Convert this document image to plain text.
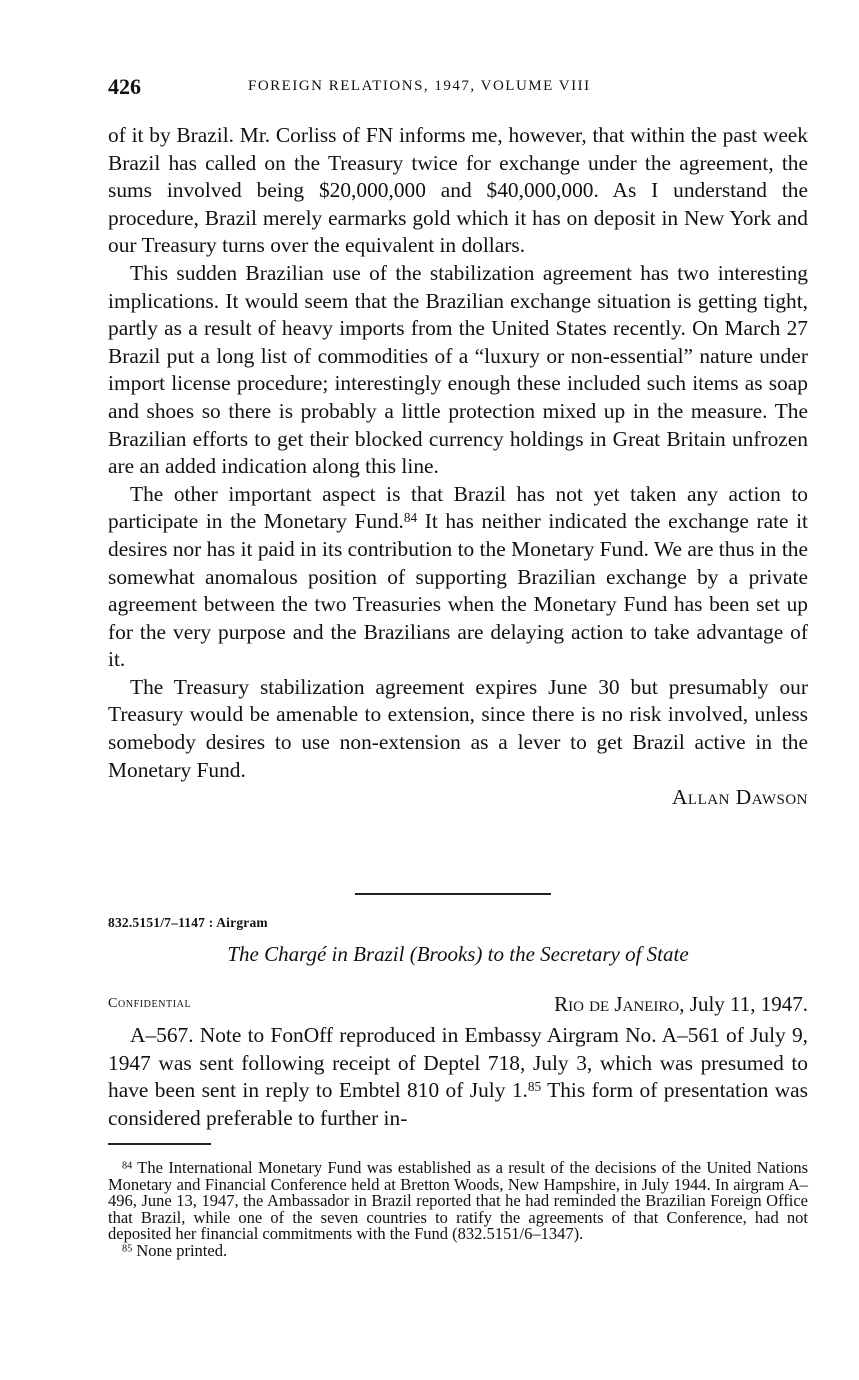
426	FOREIGN RELATIONS, 1947, VOLUME VIII

of it by Brazil. Mr. Corliss of FN informs me, however, that within the past week Brazil has called on the Treasury twice for exchange under the agreement, the sums involved being $20,000,000 and $40,000,000. As I understand the procedure, Brazil merely earmarks gold which it has on deposit in New York and our Treasury turns over the equivalent in dollars.

This sudden Brazilian use of the stabilization agreement has two interesting implications. It would seem that the Brazilian exchange situation is getting tight, partly as a result of heavy imports from the United States recently. On March 27 Brazil put a long list of commodities of a “luxury or non-essential” nature under import license procedure; interestingly enough these included such items as soap and shoes so there is probably a little protection mixed up in the measure. The Brazilian efforts to get their blocked currency holdings in Great Britain unfrozen are an added indication along this line.

The other important aspect is that Brazil has not yet taken any action to participate in the Monetary Fund.$^{84}$ It has neither indicated the exchange rate it desires nor has it paid in its contribution to the Monetary Fund. We are thus in the somewhat anomalous position of supporting Brazilian exchange by a private agreement between the two Treasuries when the Monetary Fund has been set up for the very purpose and the Brazilians are delaying action to take advantage of it.

The Treasury stabilization agreement expires June 30 but presumably our Treasury would be amenable to extension, since there is no risk involved, unless somebody desires to use non-extension as a lever to get Brazil active in the Monetary Fund.

Allan Dawson

832.5151/7–1147 : Airgram
The Chargé in Brazil (Brooks) to the Secretary of State
Confidential	Rio de Janeiro, July 11, 1947.

A–567. Note to FonOff reproduced in Embassy Airgram No. A–561 of July 9, 1947 was sent following receipt of Deptel 718, July 3, which was presumed to have been sent in reply to Embtel 810 of July 1.85 This form of presentation was considered preferable to further in-

$^{84}$ The International Monetary Fund was established as a result of the decisions of the United Nations Monetary and Financial Conference held at Bretton Woods, New Hampshire, in July 1944. In airgram A–496, June 13, 1947, the Ambassador in Brazil reported that he had reminded the Brazilian Foreign Office that Brazil, while one of the seven countries to ratify the agreements of that Conference, had not deposited her financial commitments with the Fund (832.5151/6–1347).

$^{85}$ None printed.
